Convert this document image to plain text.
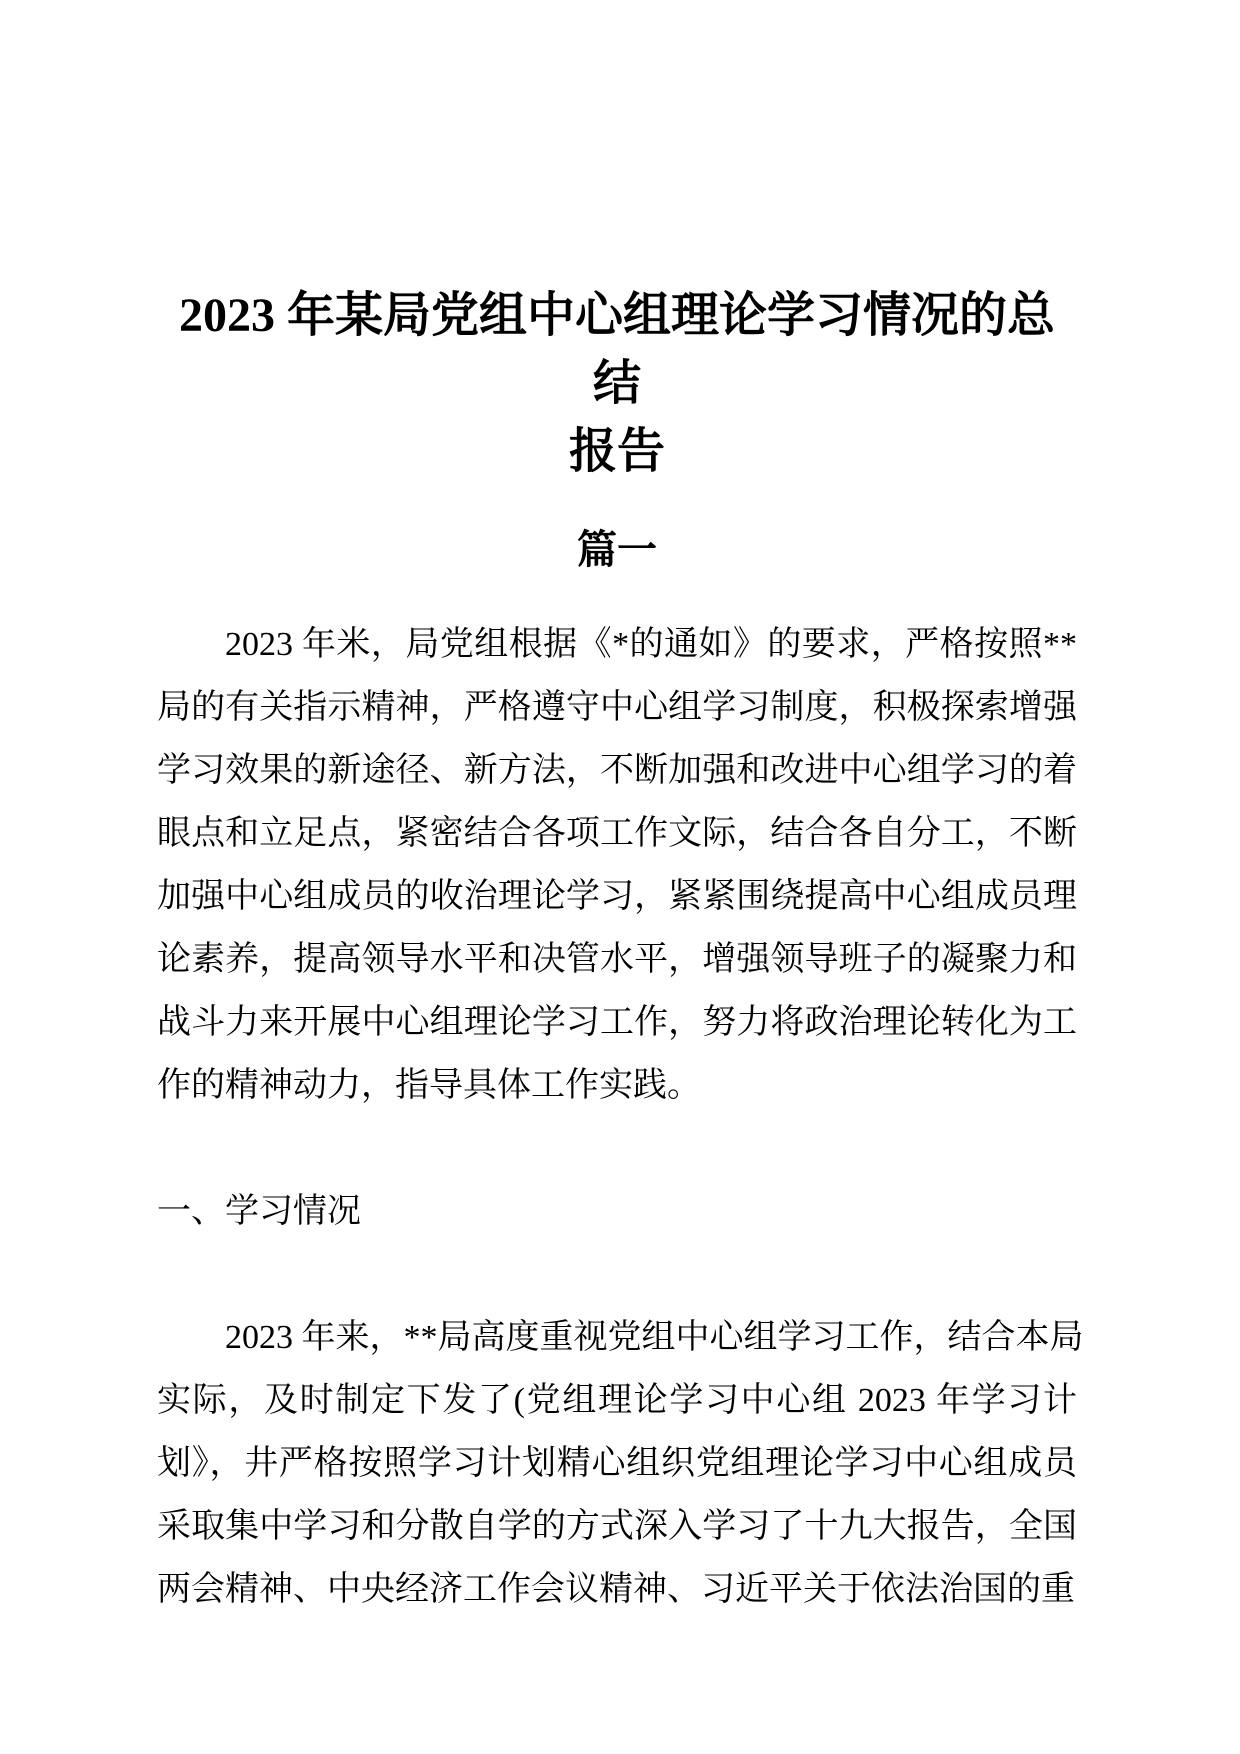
2023 年某局党组中心组理论学习情况的总结
报告
篇一
2023 年米，局党组根据《*的通如》的要求，严格按照**
局的有关指示精神，严格遵守中心组学习制度，积极探索增强
学习效果的新途径、新方法，不断加强和改进中心组学习的着
眼点和立足点，紧密结合各项工作文际，结合各自分工，不断
加强中心组成员的收治理论学习，紧紧围绕提高中心组成员理
论素养，提高领导水平和决管水平，增强领导班子的凝聚力和
战斗力来开展中心组理论学习工作，努力将政治理论转化为工
作的精神动力，指导具体工作实践。
一、学习情况
2023 年来，**局高度重视党组中心组学习工作，结合本局
实际，及时制定下发了(党组理论学习中心组 2023 年学习计
划》，井严格按照学习计划精心组织党组理论学习中心组成员
采取集中学习和分散自学的方式深入学习了十九大报告，全国
两会精神、中央经济工作会议精神、习近平关于依法治国的重
